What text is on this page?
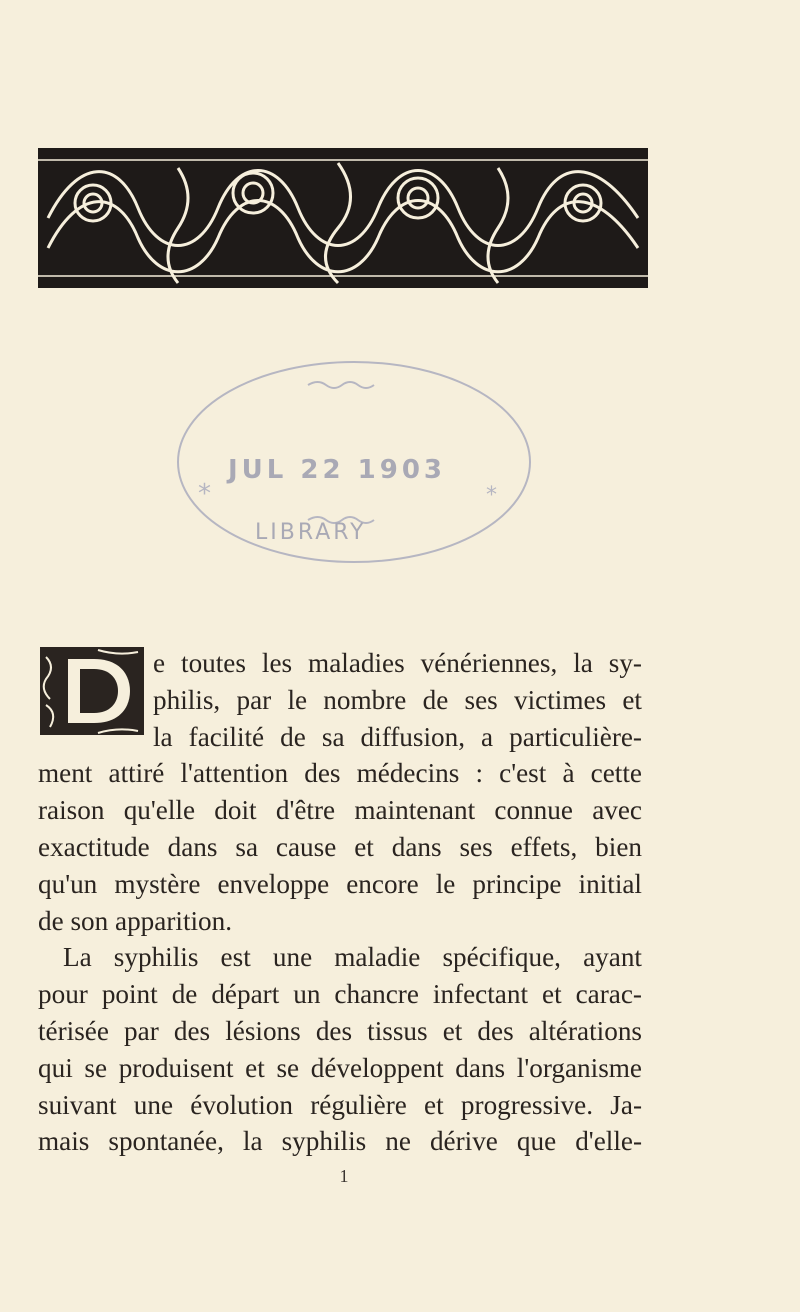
*	*
JUL 22 1903
LIBRARY
e toutes les maladies vénériennes, la sy-
philis, par le nombre de ses victimes et
la facilité de sa diffusion, a particulière-
ment attiré l'attention des médecins : c'est à cette
raison qu'elle doit d'être maintenant connue avec
exactitude dans sa cause et dans ses effets, bien
qu'un mystère enveloppe encore le principe initial
de son apparition.
La syphilis est une maladie spécifique, ayant
pour point de départ un chancre infectant et carac-
térisée par des lésions des tissus et des altérations
qui se produisent et se développent dans l'organisme
suivant une évolution régulière et progressive. Ja-
mais spontanée, la syphilis ne dérive que d'elle-
1
